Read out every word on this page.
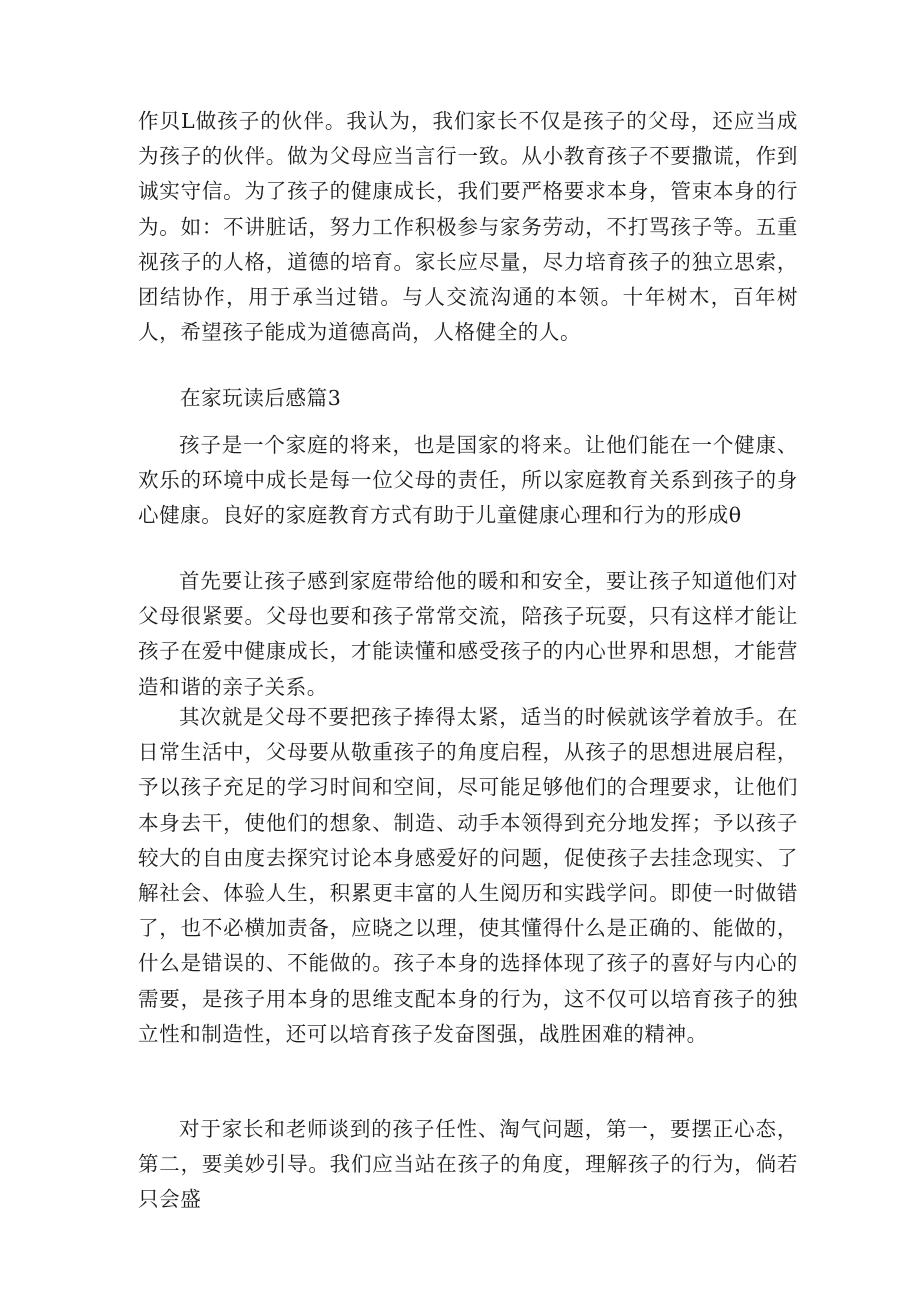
作贝L做孩子的伙伴。我认为，我们家长不仅是孩子的父母，还应当成为孩子的伙伴。做为父母应当言行一致。从小教育孩子不要撒谎，作到诚实守信。为了孩子的健康成长，我们要严格要求本身，管束本身的行为。如：不讲脏话，努力工作积极参与家务劳动，不打骂孩子等。五重视孩子的人格，道德的培育。家长应尽量，尽力培育孩子的独立思索，团结协作，用于承当过错。与人交流沟通的本领。十年树木，百年树人，希望孩子能成为道德高尚，人格健全的人。

在家玩读后感篇3

孩子是一个家庭的将来，也是国家的将来。让他们能在一个健康、欢乐的环境中成长是每一位父母的责任，所以家庭教育关系到孩子的身心健康。良好的家庭教育方式有助于儿童健康心理和行为的形成θ

首先要让孩子感到家庭带给他的暖和和安全，要让孩子知道他们对父母很紧要。父母也要和孩子常常交流，陪孩子玩耍，只有这样才能让孩子在爱中健康成长，才能读懂和感受孩子的内心世界和思想，才能营造和谐的亲子关系。

其次就是父母不要把孩子捧得太紧，适当的时候就该学着放手。在日常生活中，父母要从敬重孩子的角度启程，从孩子的思想进展启程，予以孩子充足的学习时间和空间，尽可能足够他们的合理要求，让他们本身去干，使他们的想象、制造、动手本领得到充分地发挥；予以孩子较大的自由度去探究讨论本身感爱好的问题，促使孩子去挂念现实、了解社会、体验人生，积累更丰富的人生阅历和实践学问。即使一时做错了，也不必横加责备，应晓之以理，使其懂得什么是正确的、能做的，什么是错误的、不能做的。孩子本身的选择体现了孩子的喜好与内心的需要，是孩子用本身的思维支配本身的行为，这不仅可以培育孩子的独立性和制造性，还可以培育孩子发奋图强，战胜困难的精神。

对于家长和老师谈到的孩子任性、淘气问题，第一，要摆正心态，第二，要美妙引导。我们应当站在孩子的角度，理解孩子的行为，倘若只会盛
